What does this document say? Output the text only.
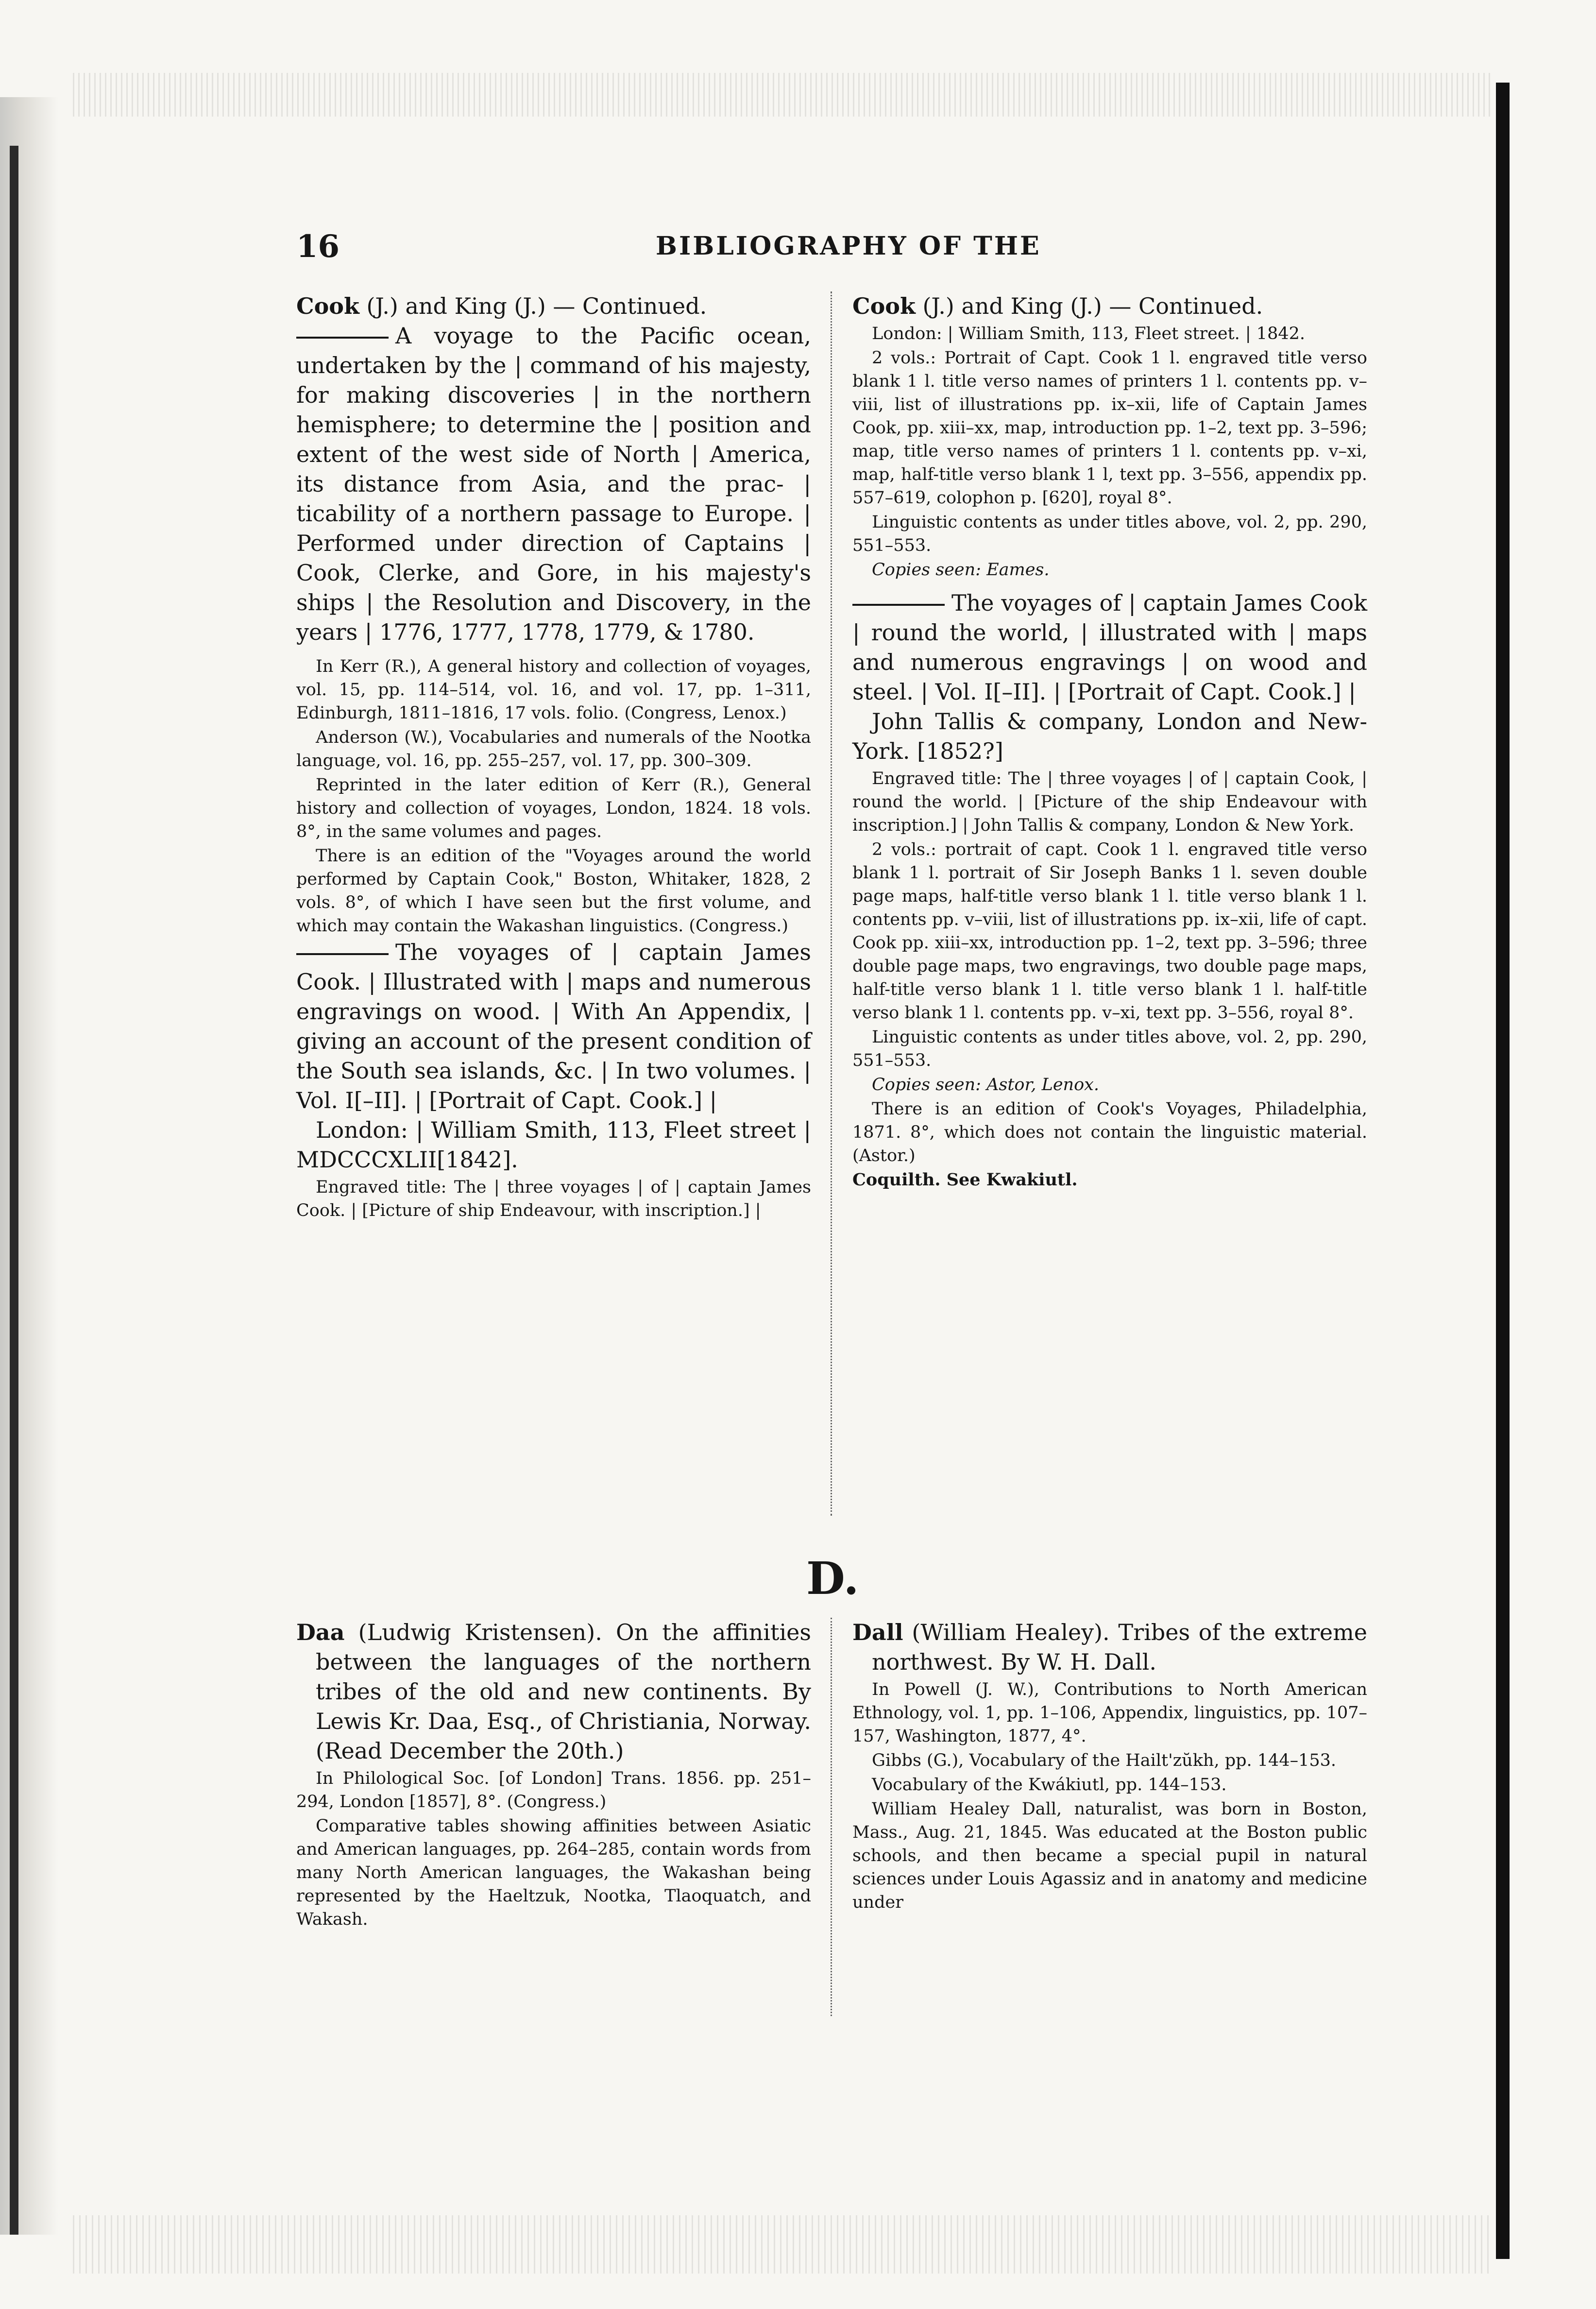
16	BIBLIOGRAPHY OF THE

Cook (J.) and King (J.) — Continued.

A voyage to the Pacific ocean, undertaken by the | command of his majesty, for making discoveries | in the northern hemisphere; to determine the | position and extent of the west side of North | America, its distance from Asia, and the prac- | ticability of a northern passage to Europe. | Performed under direction of Captains | Cook, Clerke, and Gore, in his majesty's ships | the Resolution and Discovery, in the years | 1776, 1777, 1778, 1779, & 1780.

In Kerr (R.), A general history and collection of voyages, vol. 15, pp. 114–514, vol. 16, and vol. 17, pp. 1–311, Edinburgh, 1811–1816, 17 vols. folio. (Congress, Lenox.)

Anderson (W.), Vocabularies and numerals of the Nootka language, vol. 16, pp. 255–257, vol. 17, pp. 300–309.

Reprinted in the later edition of Kerr (R.), General history and collection of voyages, London, 1824. 18 vols. 8°, in the same volumes and pages.

There is an edition of the "Voyages around the world performed by Captain Cook," Boston, Whitaker, 1828, 2 vols. 8°, of which I have seen but the first volume, and which may contain the Wakashan linguistics. (Congress.)

The voyages of | captain James Cook. | Illustrated with | maps and numerous engravings on wood. | With An Appendix, | giving an account of the present condition of the South sea islands, &c. | In two volumes. | Vol. I[–II]. | [Portrait of Capt. Cook.] |

London: | William Smith, 113, Fleet street | MDCCCXLII[1842].

Engraved title: The | three voyages | of | captain James Cook. | [Picture of ship Endeavour, with inscription.] |

Cook (J.) and King (J.) — Continued.

London: | William Smith, 113, Fleet street. | 1842.

2 vols.: Portrait of Capt. Cook 1 l. engraved title verso blank 1 l. title verso names of printers 1 l. contents pp. v–viii, list of illustrations pp. ix–xii, life of Captain James Cook, pp. xiii–xx, map, introduction pp. 1–2, text pp. 3–596; map, title verso names of printers 1 l. contents pp. v–xi, map, half-title verso blank 1 l, text pp. 3–556, appendix pp. 557–619, colophon p. [620], royal 8°.

Linguistic contents as under titles above, vol. 2, pp. 290, 551–553.

Copies seen: Eames.

The voyages of | captain James Cook | round the world, | illustrated with | maps and numerous engravings | on wood and steel. | Vol. I[–II]. | [Portrait of Capt. Cook.] |

John Tallis & company, London and New-York. [1852?]

Engraved title: The | three voyages | of | captain Cook, | round the world. | [Picture of the ship Endeavour with inscription.] | John Tallis & company, London & New York.

2 vols.: portrait of capt. Cook 1 l. engraved title verso blank 1 l. portrait of Sir Joseph Banks 1 l. seven double page maps, half-title verso blank 1 l. title verso blank 1 l. contents pp. v–viii, list of illustrations pp. ix–xii, life of capt. Cook pp. xiii–xx, introduction pp. 1–2, text pp. 3–596; three double page maps, two engravings, two double page maps, half-title verso blank 1 l. title verso blank 1 l. half-title verso blank 1 l. contents pp. v–xi, text pp. 3–556, royal 8°.

Linguistic contents as under titles above, vol. 2, pp. 290, 551–553.

Copies seen: Astor, Lenox.

There is an edition of Cook's Voyages, Philadelphia, 1871. 8°, which does not contain the linguistic material. (Astor.)

Coquilth. See Kwakiutl.

D.

Daa (Ludwig Kristensen). On the affinities between the languages of the northern tribes of the old and new continents. By Lewis Kr. Daa, Esq., of Christiania, Norway. (Read December the 20th.)

In Philological Soc. [of London] Trans. 1856. pp. 251–294, London [1857], 8°. (Congress.)

Comparative tables showing affinities between Asiatic and American languages, pp. 264–285, contain words from many North American languages, the Wakashan being represented by the Haeltzuk, Nootka, Tlaoquatch, and Wakash.

Dall (William Healey). Tribes of the extreme northwest. By W. H. Dall.

In Powell (J. W.), Contributions to North American Ethnology, vol. 1, pp. 1–106, Appendix, linguistics, pp. 107–157, Washington, 1877, 4°.

Gibbs (G.), Vocabulary of the Hailt'zŭkh, pp. 144–153.

Vocabulary of the Kwákiutl, pp. 144–153.

William Healey Dall, naturalist, was born in Boston, Mass., Aug. 21, 1845. Was educated at the Boston public schools, and then became a special pupil in natural sciences under Louis Agassiz and in anatomy and medicine under
